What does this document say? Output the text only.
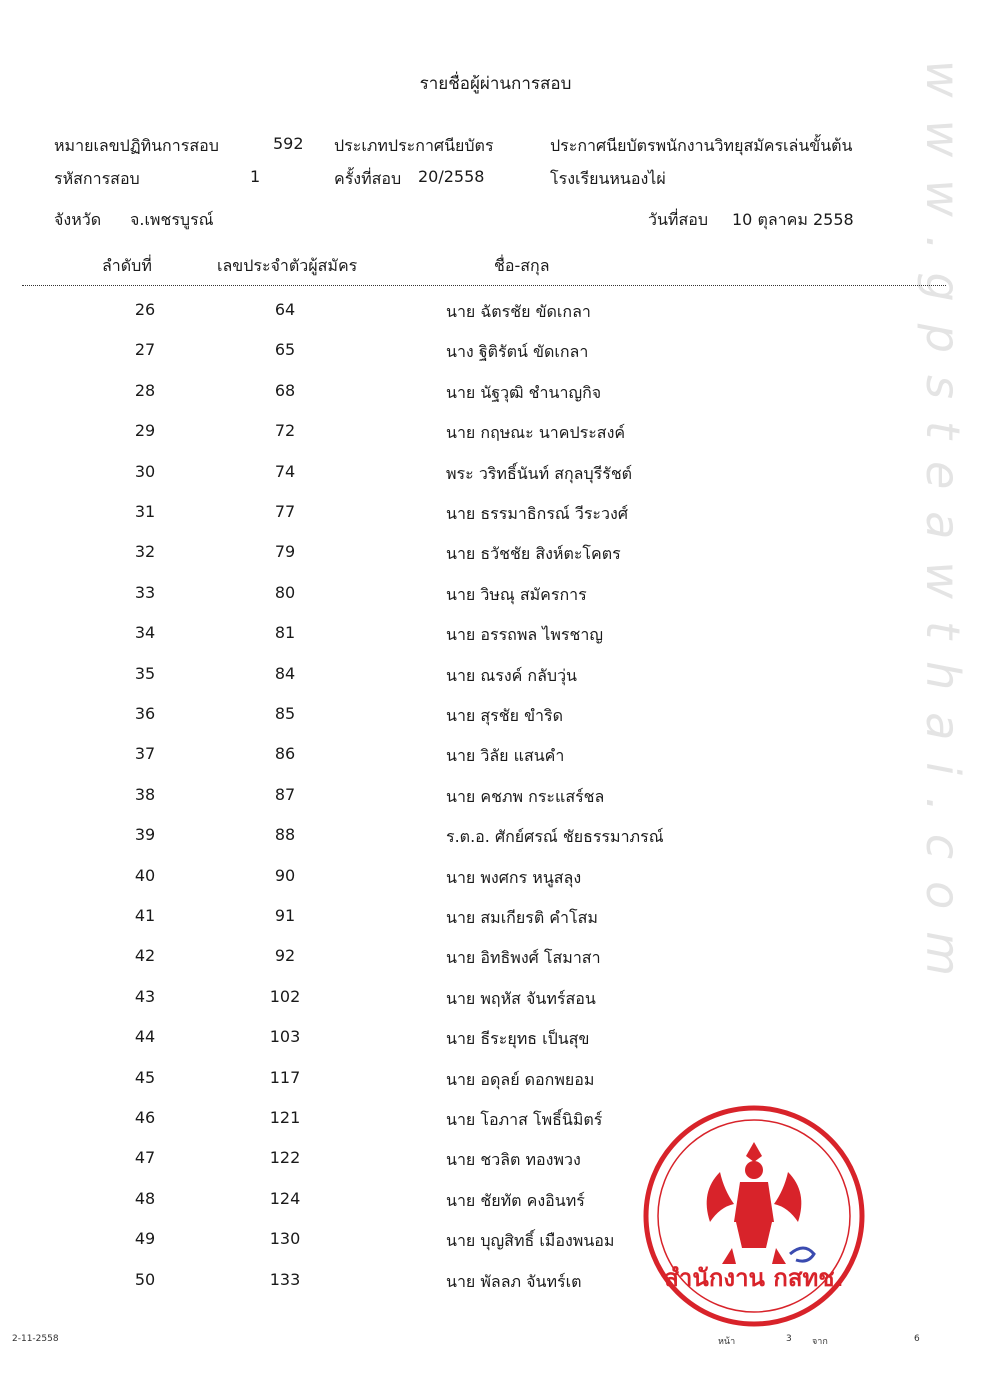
www.gpsteawthai.com
รายชื่อผู้ผ่านการสอบ
หมายเลขปฏิทินการสอบ	592 ประเภทประกาศนียบัตร	ประกาศนียบัตรพนักงานวิทยุสมัครเล่นขั้นต้น
รหัสการสอบ	1	ครั้งที่สอบ 20/2558	โรงเรียนหนองไผ่
จังหวัด จ.เพชรบูรณ์	วันที่สอบ 10 ตุลาคม 2558
ลำดับที่	เลขประจำตัวผู้สมัคร	ชื่อ-สกุล
26	64	นาย ฉัตรชัย ขัดเกลา
27	65	นาง ฐิติรัตน์ ขัดเกลา
28	68	นาย นัฐวุฒิ ชำนาญกิจ
29	72	นาย กฤษณะ นาคประสงค์
30	74	พระ วริทธิ์นันท์ สกุลบุรีรัชต์
31	77	นาย ธรรมาธิกรณ์ วีระวงศ์
32	79	นาย ธวัชชัย สิงห์ตะโคตร
33	80	นาย วิษณุ สมัครการ
34	81	นาย อรรถพล ไพรชาญ
35	84	นาย ณรงค์ กลับวุ่น
36	85	นาย สุรชัย ขำริด
37	86	นาย วิลัย แสนคำ
38	87	นาย คชภพ กระแสร์ชล
39	88	ร.ต.อ. ศักย์ศรณ์ ชัยธรรมาภรณ์
40	90	นาย พงศกร หนูสลุง
41	91	นาย สมเกียรติ คำโสม
42	92	นาย อิทธิพงศ์ โสมาสา
43	102	นาย พฤหัส จันทร์สอน
44	103	นาย ธีระยุทธ เป็นสุข
45	117	นาย อดุลย์ ดอกพยอม
46	121	นาย โอภาส โพธิ์นิมิตร์
47	122	นาย ชวลิต ทองพวง
48	124	นาย ชัยทัต คงอินทร์
49	130	นาย บุญสิทธิ์ เมืองพนอม
50	133	นาย พัลลภ จันทร์เต	สำนักงาน กสทช.
2-11-2558	หน้า	3 จาก	6
